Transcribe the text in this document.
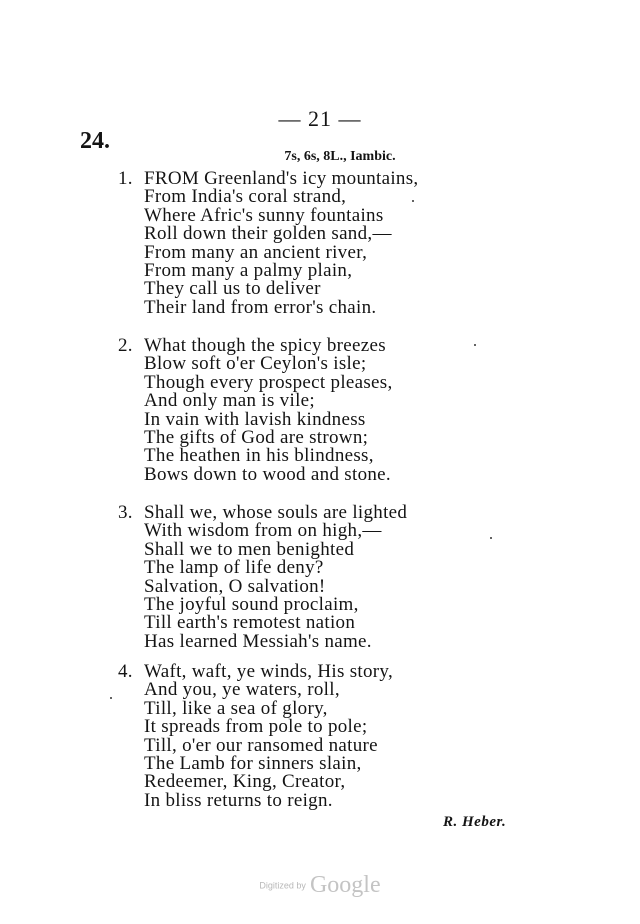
— 21 —
24.
7s, 6s, 8L., Iambic.
1. FROM Greenland's icy mountains,
From India's coral strand,
Where Afric's sunny fountains
Roll down their golden sand,—
From many an ancient river,
From many a palmy plain,
They call us to deliver
Their land from error's chain.
2. What though the spicy breezes
Blow soft o'er Ceylon's isle;
Though every prospect pleases,
And only man is vile;
In vain with lavish kindness
The gifts of God are strown;
The heathen in his blindness,
Bows down to wood and stone.
3. Shall we, whose souls are lighted
With wisdom from on high,—
Shall we to men benighted
The lamp of life deny?
Salvation, O salvation!
The joyful sound proclaim,
Till earth's remotest nation
Has learned Messiah's name.
4. Waft, waft, ye winds, His story,
And you, ye waters, roll,
Till, like a sea of glory,
It spreads from pole to pole;
Till, o'er our ransomed nature
The Lamb for sinners slain,
Redeemer, King, Creator,
In bliss returns to reign.
R. Heber.
Digitized by Google
